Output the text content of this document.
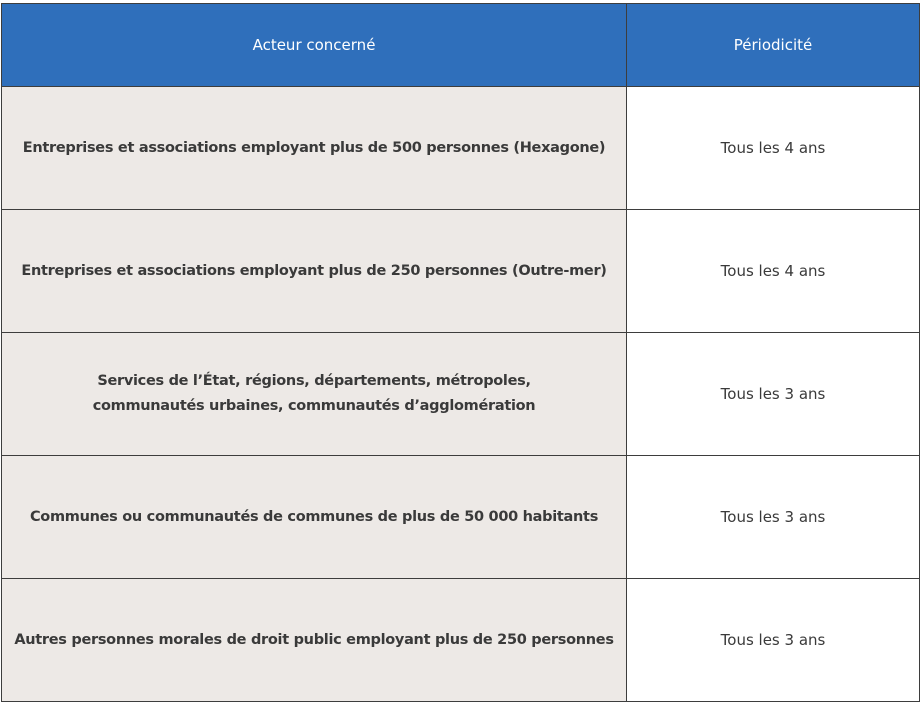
Acteur concerné	Périodicité
Entreprises et associations employant plus de 500 personnes (Hexagone)	Tous les 4 ans
Entreprises et associations employant plus de 250 personnes (Outre-mer)	Tous les 4 ans
Services de l’État, régions, départements, métropoles, communautés urbaines, communautés d’agglomération	Tous les 3 ans
Communes ou communautés de communes de plus de 50 000 habitants	Tous les 3 ans
Autres personnes morales de droit public employant plus de 250 personnes	Tous les 3 ans
